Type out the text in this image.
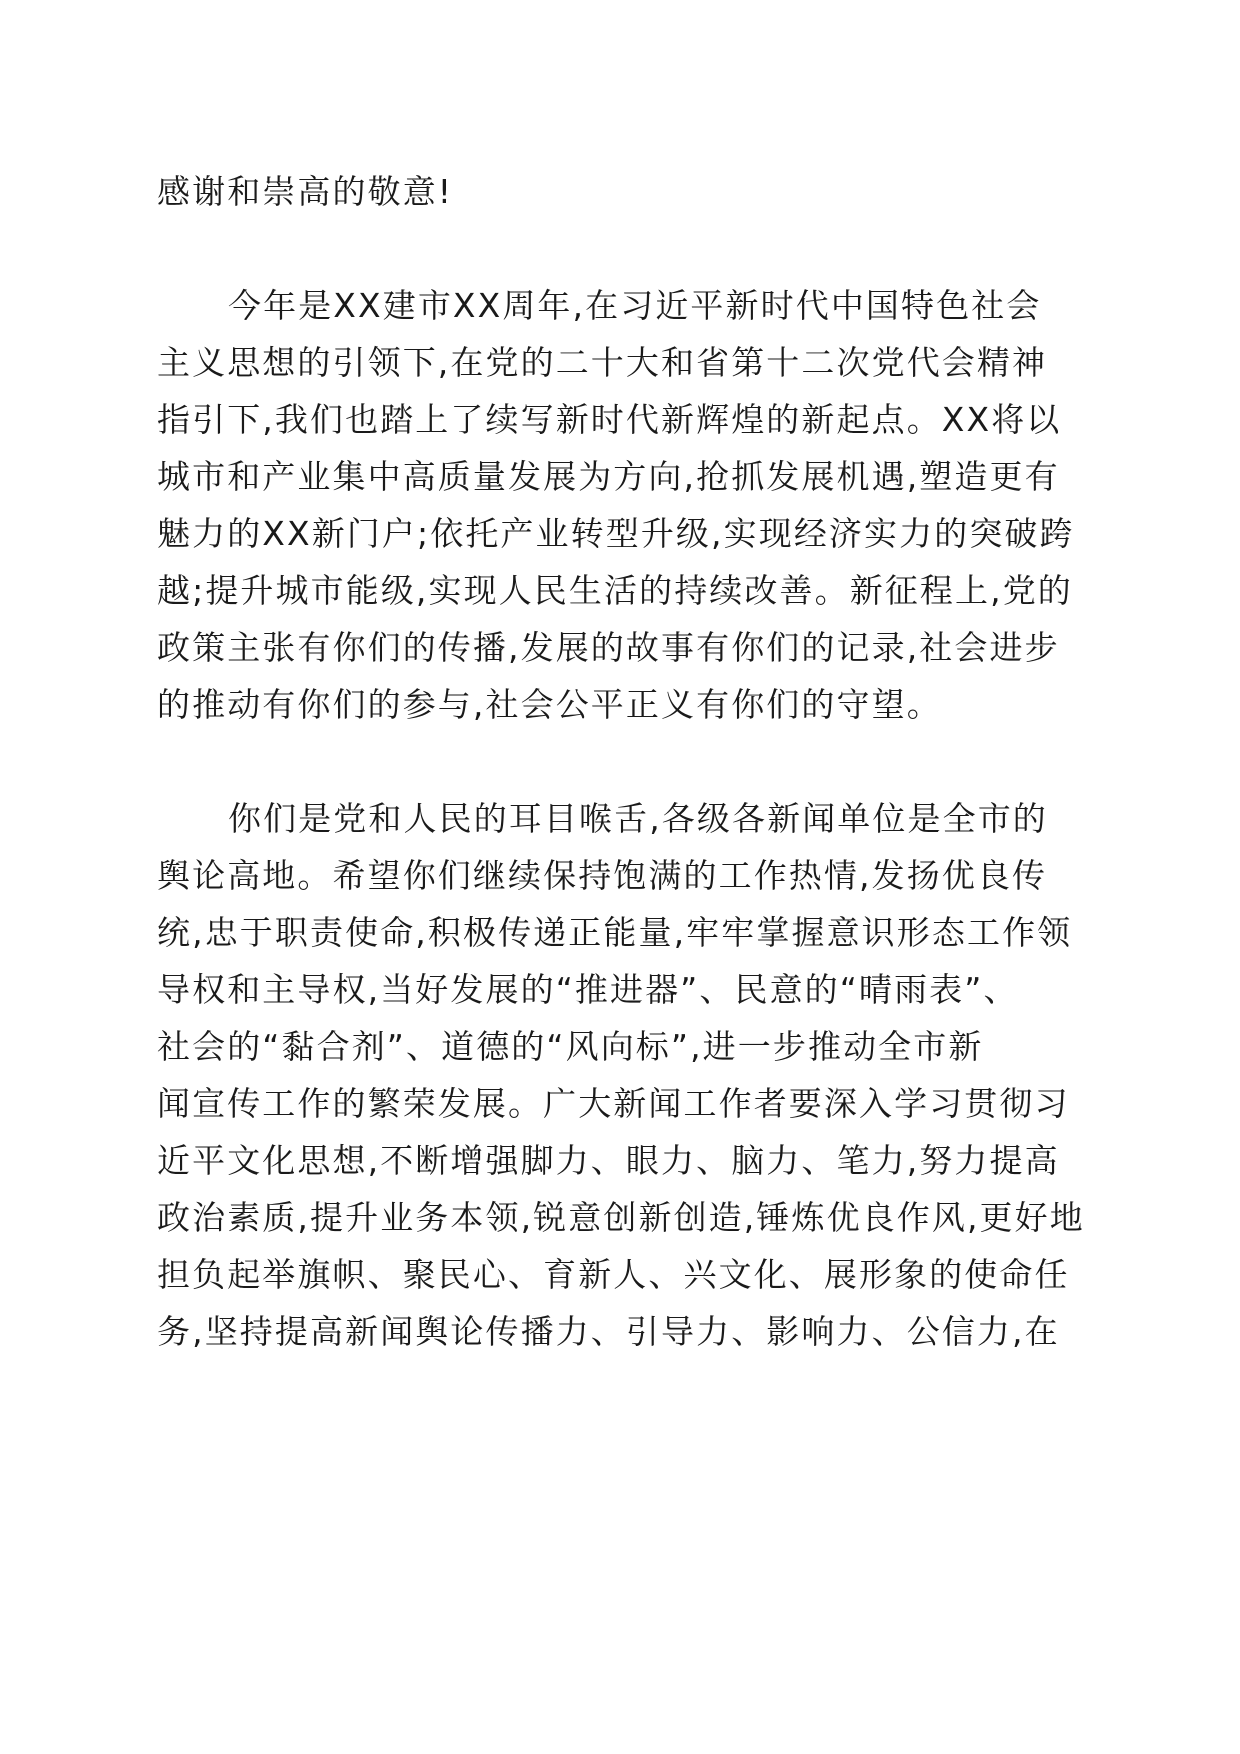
感谢和崇高的敬意!
今年是XX建市XX周年,在习近平新时代中国特色社会
主义思想的引领下,在党的二十大和省第十二次党代会精神
指引下,我们也踏上了续写新时代新辉煌的新起点。XX将以
城市和产业集中高质量发展为方向,抢抓发展机遇,塑造更有
魅力的XX新门户;依托产业转型升级,实现经济实力的突破跨
越;提升城市能级,实现人民生活的持续改善。新征程上,党的
政策主张有你们的传播,发展的故事有你们的记录,社会进步
的推动有你们的参与,社会公平正义有你们的守望。
你们是党和人民的耳目喉舌,各级各新闻单位是全市的
舆论高地。希望你们继续保持饱满的工作热情,发扬优良传
统,忠于职责使命,积极传递正能量,牢牢掌握意识形态工作领
导权和主导权,当好发展的“推进器”、民意的“晴雨表”、
社会的“黏合剂”、道德的“风向标”,进一步推动全市新
闻宣传工作的繁荣发展。广大新闻工作者要深入学习贯彻习
近平文化思想,不断增强脚力、眼力、脑力、笔力,努力提高
政治素质,提升业务本领,锐意创新创造,锤炼优良作风,更好地
担负起举旗帜、聚民心、育新人、兴文化、展形象的使命任
务,坚持提高新闻舆论传播力、引导力、影响力、公信力,在
